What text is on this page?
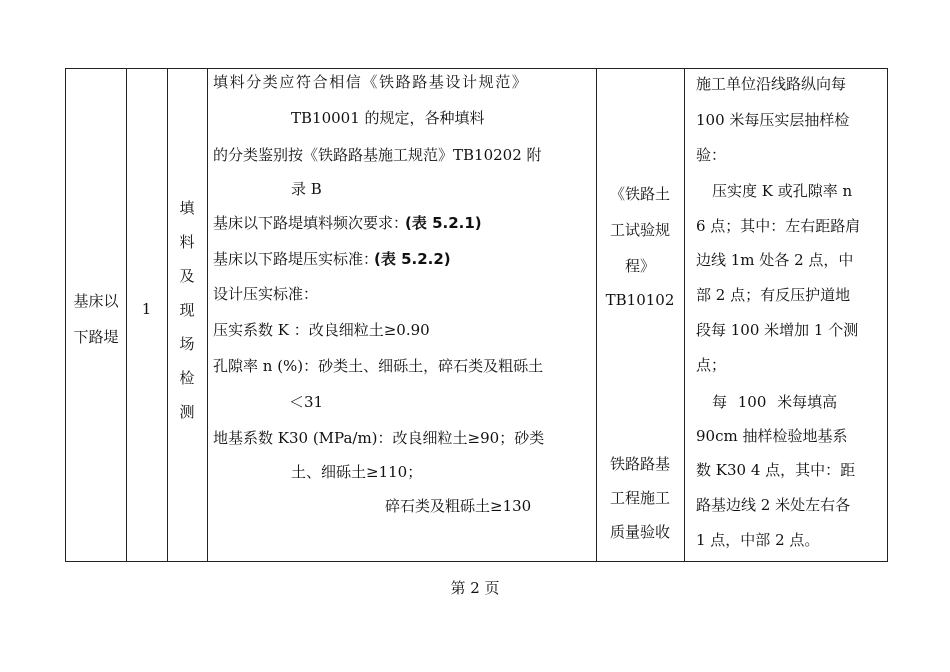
基床以下路堤
1
填
料
及
现
场
检
测
填料分类应符合相信《铁路路基设计规范》
TB10001 的规定，各种填料
的分类鉴别按《铁路路基施工规范》TB10202 附
录 B
基床以下路堤填料频次要求：
(表 5.2.1)
基床以下路堤压实标准：
(表 5.2.2)
设计压实标准：
压实系数 K ：改良细粒土≥0.90
孔隙率 n (%)：砂类土、细砾土，碎石类及粗砾土
＜31
地基系数 K30 (MPa/m)：改良细粒土≥90；砂类
土、细砾土≥110；
碎石类及粗砾土≥130
《铁路土
工试验规
程》
TB10102
铁路路基
工程施工
质量验收
施工单位沿线路纵向每
100 米每压实层抽样检
验：
压实度 K 或孔隙率 n
6 点；其中：左右距路肩
边线 1m 处各 2 点，中
部 2 点；有反压护道地
段每 100 米增加 1 个测
点；
每 100 米每填高
90cm 抽样检验地基系
数 K30 4 点，其中：距
路基边线 2 米处左右各
1 点，中部 2 点。
第 2 页
